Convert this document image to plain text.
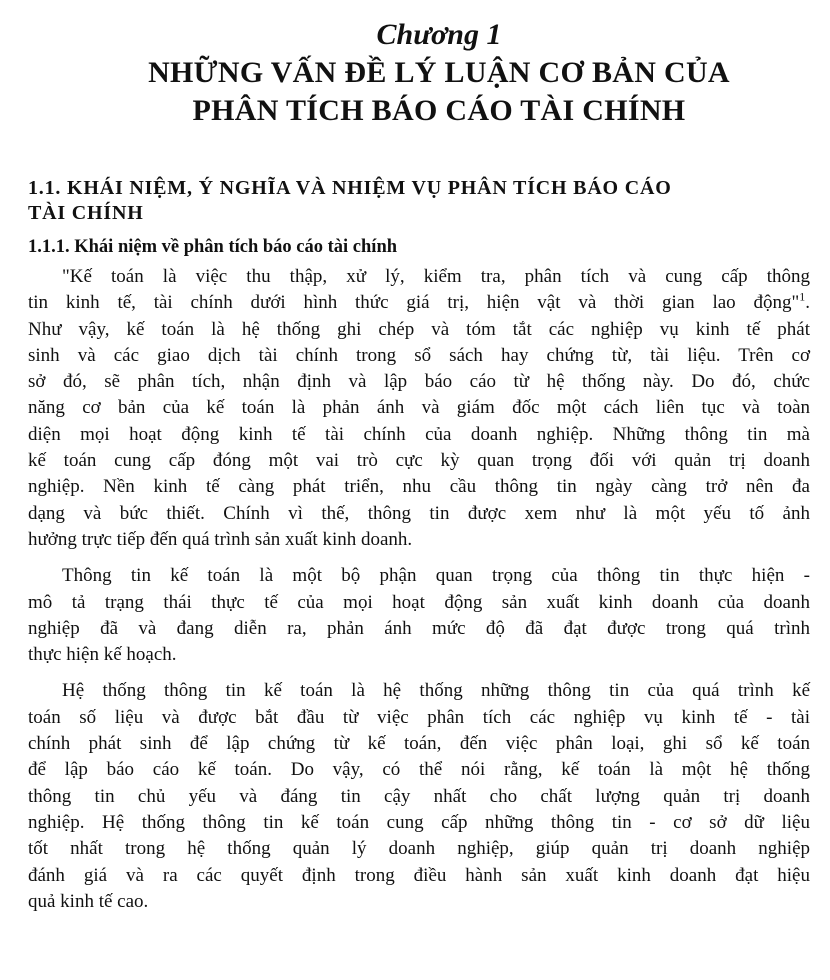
Chương 1
NHỮNG VẤN ĐỀ LÝ LUẬN CƠ BẢN CỦA
PHÂN TÍCH BÁO CÁO TÀI CHÍNH
1.1. KHÁI NIỆM, Ý NGHĨA VÀ NHIỆM VỤ PHÂN TÍCH BÁO CÁO
TÀI CHÍNH
1.1.1. Khái niệm về phân tích báo cáo tài chính

"Kế toán là việc thu thập, xử lý, kiểm tra, phân tích và cung cấp thông
tin kinh tế, tài chính dưới hình thức giá trị, hiện vật và thời gian lao động"$^1$.
Như vậy, kế toán là hệ thống ghi chép và tóm tắt các nghiệp vụ kinh tế phát
sinh và các giao dịch tài chính trong sổ sách hay chứng từ, tài liệu. Trên cơ
sở đó, sẽ phân tích, nhận định và lập báo cáo từ hệ thống này. Do đó, chức
năng cơ bản của kế toán là phản ánh và giám đốc một cách liên tục và toàn
diện mọi hoạt động kinh tế tài chính của doanh nghiệp. Những thông tin mà
kế toán cung cấp đóng một vai trò cực kỳ quan trọng đối với quản trị doanh
nghiệp. Nền kinh tế càng phát triển, nhu cầu thông tin ngày càng trở nên đa
dạng và bức thiết. Chính vì thế, thông tin được xem như là một yếu tố ảnh
hưởng trực tiếp đến quá trình sản xuất kinh doanh.

Thông tin kế toán là một bộ phận quan trọng của thông tin thực hiện -
mô tả trạng thái thực tế của mọi hoạt động sản xuất kinh doanh của doanh
nghiệp đã và đang diễn ra, phản ánh mức độ đã đạt được trong quá trình
thực hiện kế hoạch.

Hệ thống thông tin kế toán là hệ thống những thông tin của quá trình kế
toán số liệu và được bắt đầu từ việc phân tích các nghiệp vụ kinh tế - tài
chính phát sinh để lập chứng từ kế toán, đến việc phân loại, ghi sổ kế toán
để lập báo cáo kế toán. Do vậy, có thể nói rằng, kế toán là một hệ thống
thông tin chủ yếu và đáng tin cậy nhất cho chất lượng quản trị doanh
nghiệp. Hệ thống thông tin kế toán cung cấp những thông tin - cơ sở dữ liệu
tốt nhất trong hệ thống quản lý doanh nghiệp, giúp quản trị doanh nghiệp
đánh giá và ra các quyết định trong điều hành sản xuất kinh doanh đạt hiệu
quả kinh tế cao.
